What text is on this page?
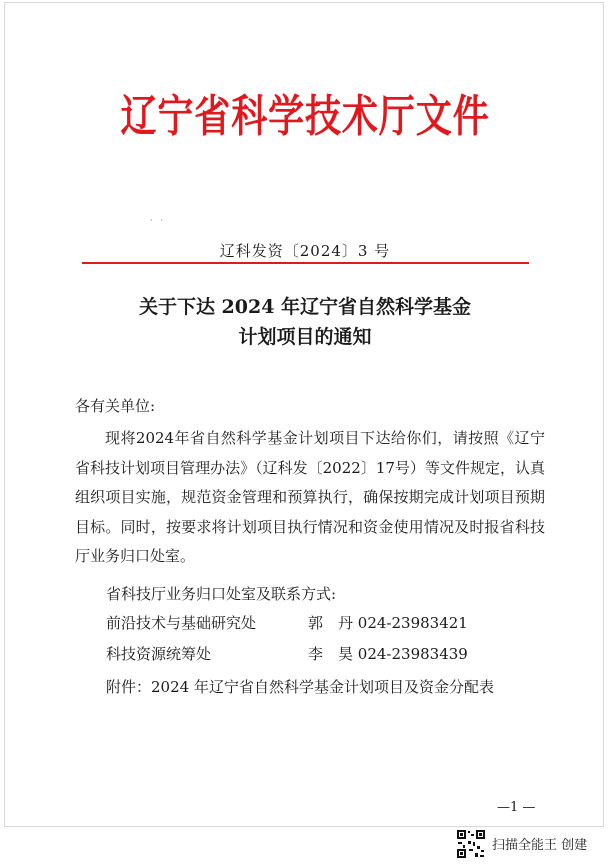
辽宁省科学技术厅文件
·　·
辽科发资〔2024〕3 号
关于下达 2024 年辽宁省自然科学基金
计划项目的通知
各有关单位:
现将2024年省自然科学基金计划项目下达给你们，请按照《辽宁省科技计划项目管理办法》（辽科发〔2022〕17号）等文件规定，认真组织项目实施，规范资金管理和预算执行，确保按期完成计划项目预期目标。同时，按要求将计划项目执行情况和资金使用情况及时报省科技厅业务归口处室。
省科技厅业务归口处室及联系方式:
前沿技术与基础研究处	郭　丹 024-23983421
科技资源统筹处	李　昊 024-23983439
附件：2024 年辽宁省自然科学基金计划项目及资金分配表
—1 —
扫描全能王 创建
